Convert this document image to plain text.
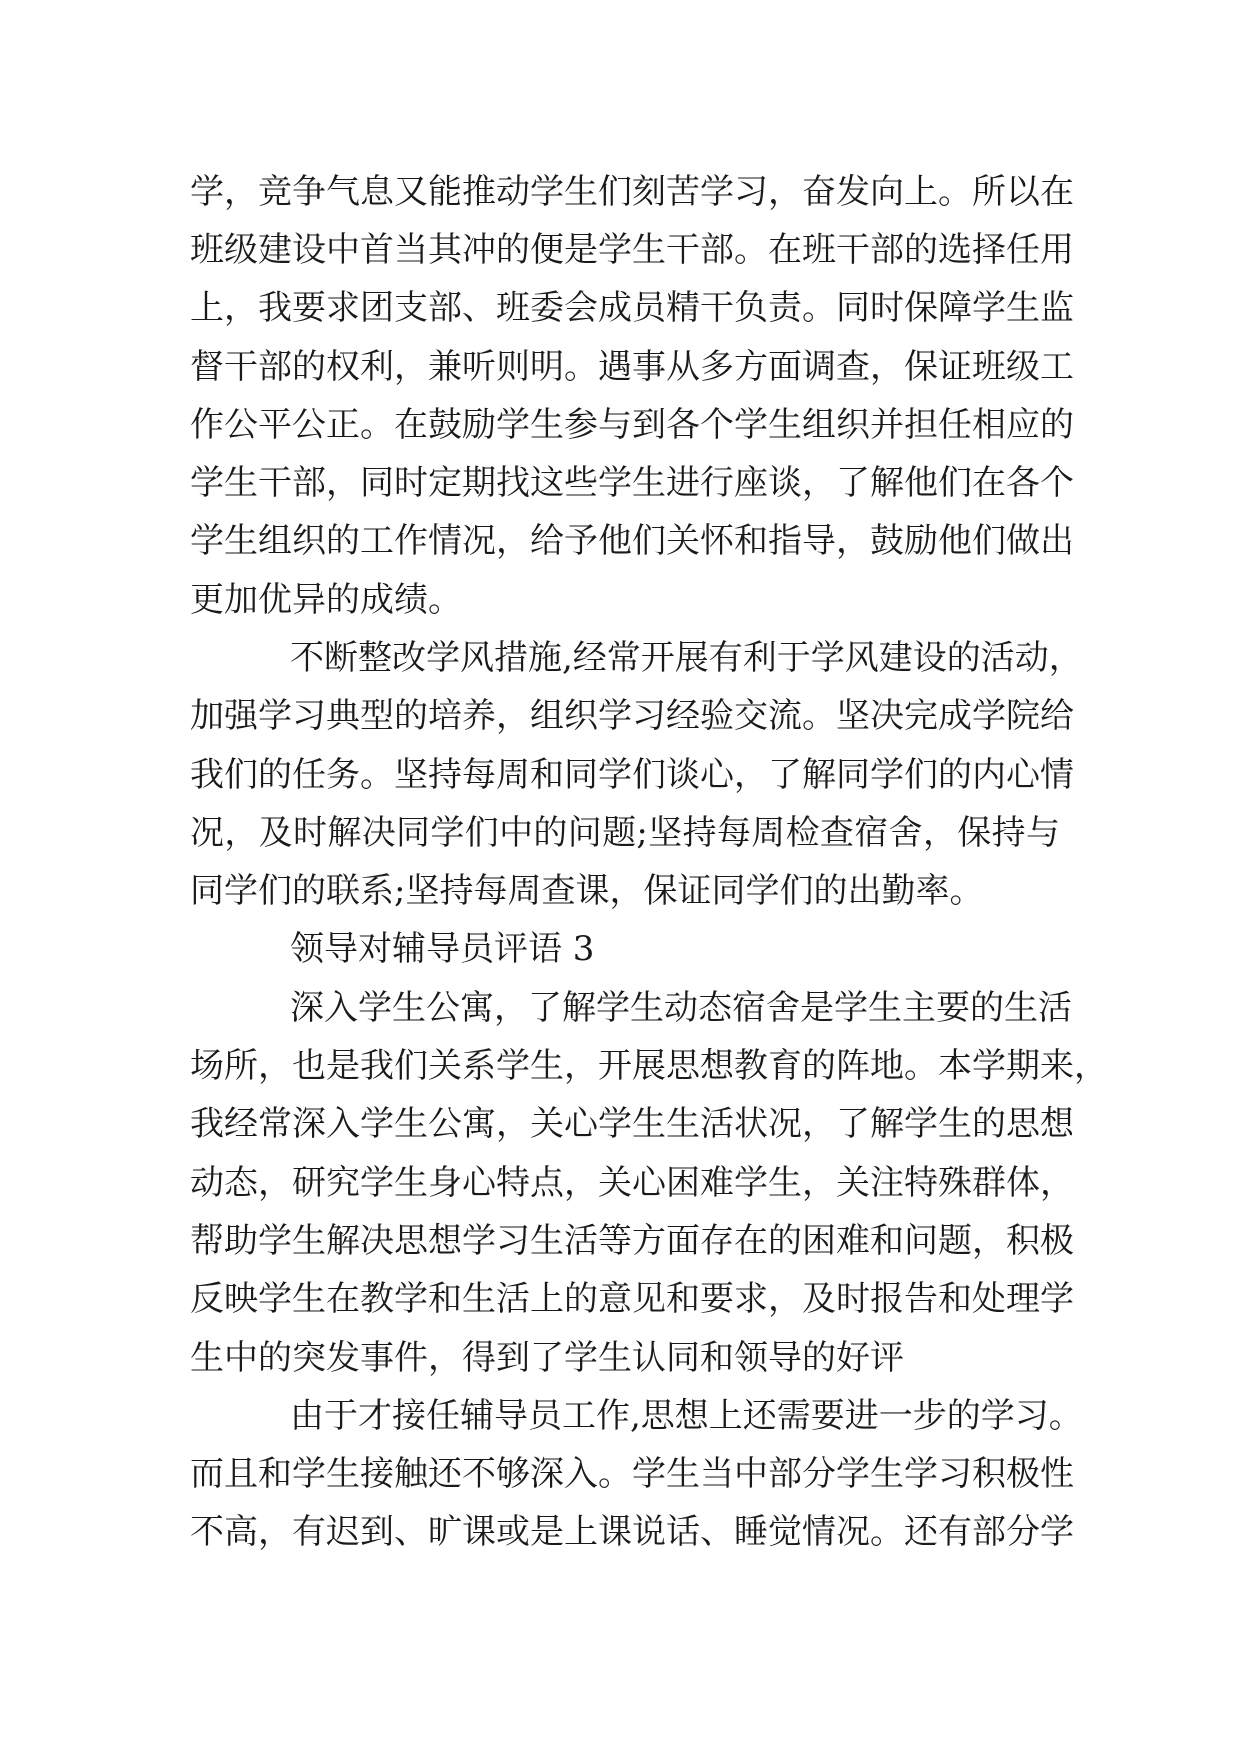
学，竞争气息又能推动学生们刻苦学习，奋发向上。所以在
班级建设中首当其冲的便是学生干部。在班干部的选择任用
上，我要求团支部、班委会成员精干负责。同时保障学生监
督干部的权利，兼听则明。遇事从多方面调查，保证班级工
作公平公正。在鼓励学生参与到各个学生组织并担任相应的
学生干部，同时定期找这些学生进行座谈，了解他们在各个
学生组织的工作情况，给予他们关怀和指导，鼓励他们做出
更加优异的成绩。
不断整改学风措施,经常开展有利于学风建设的活动，
加强学习典型的培养，组织学习经验交流。坚决完成学院给
我们的任务。坚持每周和同学们谈心，了解同学们的内心情
况，及时解决同学们中的问题;坚持每周检查宿舍，保持与
同学们的联系;坚持每周查课，保证同学们的出勤率。
领导对辅导员评语 3
深入学生公寓，了解学生动态宿舍是学生主要的生活
场所，也是我们关系学生，开展思想教育的阵地。本学期来，
我经常深入学生公寓，关心学生生活状况，了解学生的思想
动态，研究学生身心特点，关心困难学生，关注特殊群体，
帮助学生解决思想学习生活等方面存在的困难和问题，积极
反映学生在教学和生活上的意见和要求，及时报告和处理学
生中的突发事件，得到了学生认同和领导的好评
由于才接任辅导员工作,思想上还需要进一步的学习。
而且和学生接触还不够深入。学生当中部分学生学习积极性
不高，有迟到、旷课或是上课说话、睡觉情况。还有部分学
